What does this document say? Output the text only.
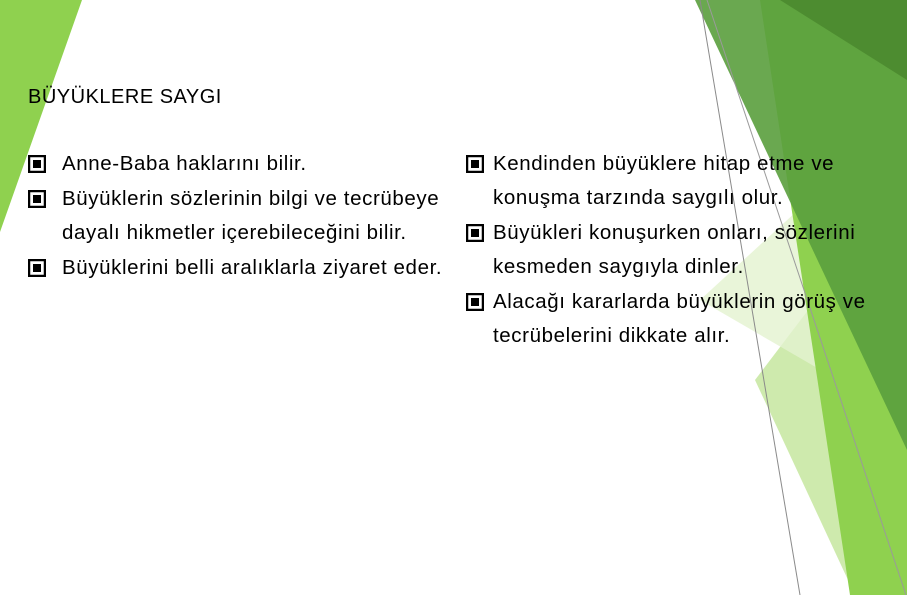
BÜYÜKLERE SAYGI
Anne-Baba haklarını bilir.
Büyüklerin sözlerinin bilgi ve tecrübeye dayalı hikmetler içerebileceğini bilir.
Büyüklerini belli aralıklarla ziyaret eder.
Kendinden büyüklere hitap etme ve konuşma tarzında saygılı olur.
Büyükleri konuşurken onları, sözlerini kesmeden saygıyla dinler.
Alacağı kararlarda büyüklerin görüş ve tecrübelerini dikkate alır.
